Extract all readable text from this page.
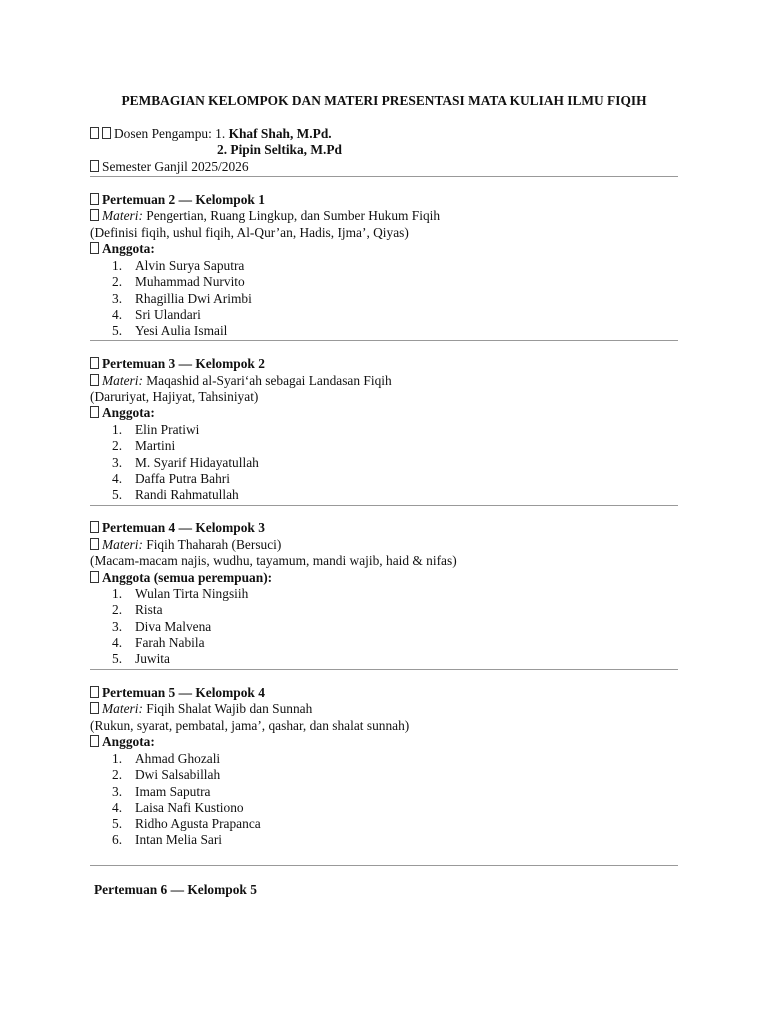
PEMBAGIAN KELOMPOK DAN MATERI PRESENTASI MATA KULIAH ILMU FIQIH
Dosen Pengampu: 1. Khaf Shah, M.Pd.
2. Pipin Seltika, M.Pd
Semester Ganjil 2025/2026
Pertemuan 2 — Kelompok 1
Materi: Pengertian, Ruang Lingkup, dan Sumber Hukum Fiqih
(Definisi fiqih, ushul fiqih, Al-Qur’an, Hadis, Ijma’, Qiyas)
Anggota:
1. Alvin Surya Saputra
2. Muhammad Nurvito
3. Rhagillia Dwi Arimbi
4. Sri Ulandari
5. Yesi Aulia Ismail
Pertemuan 3 — Kelompok 2
Materi: Maqashid al-Syari‘ah sebagai Landasan Fiqih
(Daruriyat, Hajiyat, Tahsiniyat)
Anggota:
1. Elin Pratiwi
2. Martini
3. M. Syarif Hidayatullah
4. Daffa Putra Bahri
5. Randi Rahmatullah
Pertemuan 4 — Kelompok 3
Materi: Fiqih Thaharah (Bersuci)
(Macam-macam najis, wudhu, tayamum, mandi wajib, haid & nifas)
Anggota (semua perempuan):
1. Wulan Tirta Ningsiih
2. Rista
3. Diva Malvena
4. Farah Nabila
5. Juwita
Pertemuan 5 — Kelompok 4
Materi: Fiqih Shalat Wajib dan Sunnah
(Rukun, syarat, pembatal, jama’, qashar, dan shalat sunnah)
Anggota:
1. Ahmad Ghozali
2. Dwi Salsabillah
3. Imam Saputra
4. Laisa Nafi Kustiono
5. Ridho Agusta Prapanca
6. Intan Melia Sari
Pertemuan 6 — Kelompok 5
